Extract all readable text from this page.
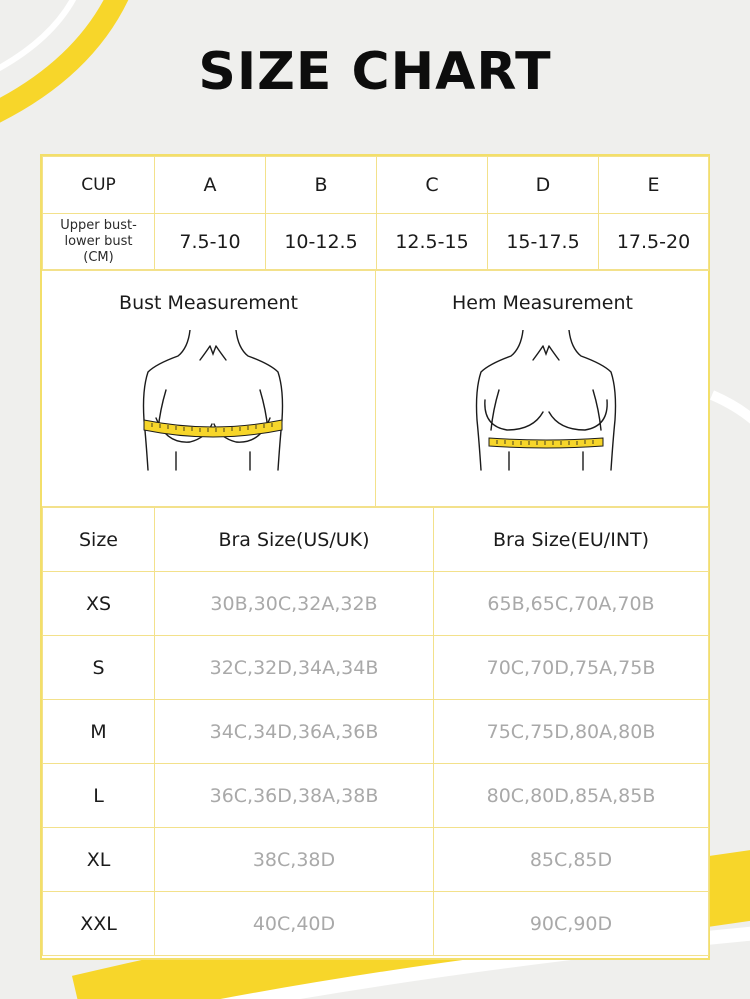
SIZE CHART
CUP	A	B	C	D	E

Upper bust-
lower bust
(CM)	7.5-10	10-12.5	12.5-15	15-17.5	17.5-20
Bust Measurement	Hem Measurement
Size	Bra Size(US/UK)	Bra Size(EU/INT)
XS	30B,30C,32A,32B	65B,65C,70A,70B
S	32C,32D,34A,34B	70C,70D,75A,75B
M	34C,34D,36A,36B	75C,75D,80A,80B
L	36C,36D,38A,38B	80C,80D,85A,85B
XL	38C,38D	85C,85D
XXL	40C,40D	90C,90D
